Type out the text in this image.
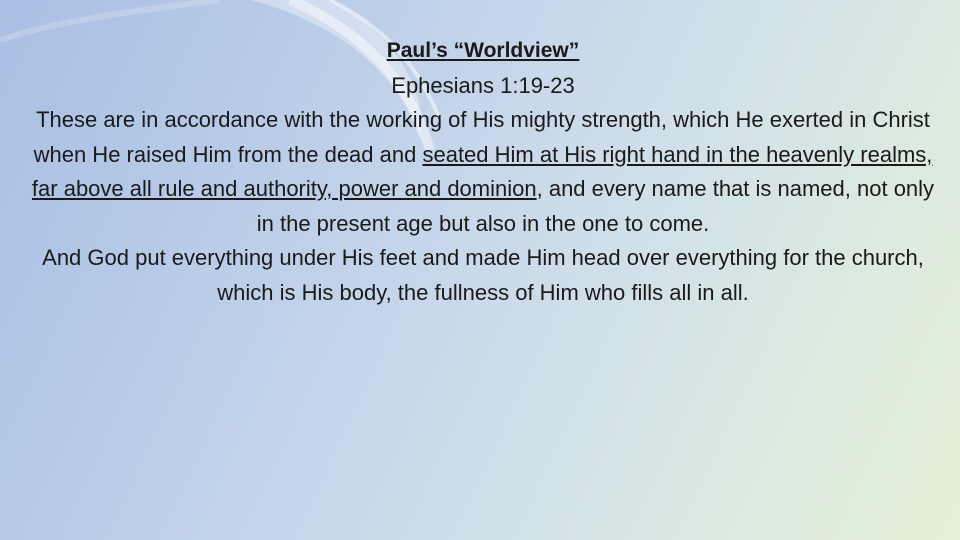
Paul’s “Worldview”

Ephesians 1:19-23

These are in accordance with the working of His mighty strength, which He exerted in Christ when He raised Him from the dead and seated Him at His right hand in the heavenly realms, far above all rule and authority, power and dominion, and every name that is named, not only in the present age but also in the one to come.

And God put everything under His feet and made Him head over everything for the church, which is His body, the fullness of Him who fills all in all.
